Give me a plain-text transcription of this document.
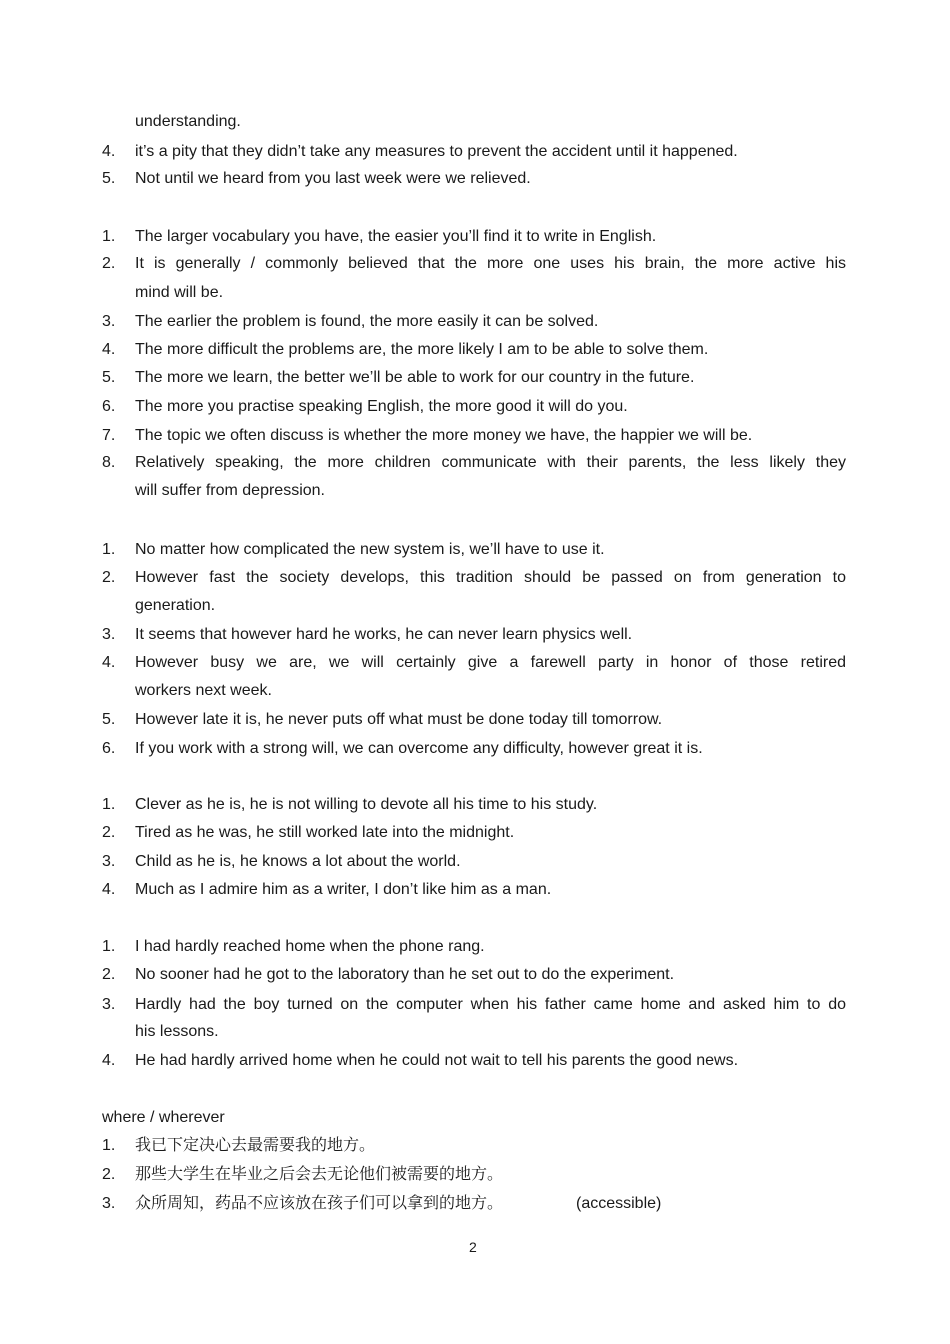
understanding.
4.	it’s a pity that they didn’t take any measures to prevent the accident until it happened.
5.	Not until we heard from you last week were we relieved.
1.	The larger vocabulary you have, the easier you’ll find it to write in English.
2.	It is generally / commonly believed that the more one uses his brain, the more active his
mind will be.
3.	The earlier the problem is found, the more easily it can be solved.
4.	The more difficult the problems are, the more likely I am to be able to solve them.
5.	The more we learn, the better we’ll be able to work for our country in the future.
6.	The more you practise speaking English, the more good it will do you.
7.	The topic we often discuss is whether the more money we have, the happier we will be.
8.	Relatively speaking, the more children communicate with their parents, the less likely they
will suffer from depression.
1.	No matter how complicated the new system is, we’ll have to use it.
2.	However fast the society develops, this tradition should be passed on from generation to
generation.
3.	It seems that however hard he works, he can never learn physics well.
4.	However busy we are, we will certainly give a farewell party in honor of those retired
workers next week.
5.	However late it is, he never puts off what must be done today till tomorrow.
6.	If you work with a strong will, we can overcome any difficulty, however great it is.
1.	Clever as he is, he is not willing to devote all his time to his study.
2.	Tired as he was, he still worked late into the midnight.
3.	Child as he is, he knows a lot about the world.
4.	Much as I admire him as a writer, I don’t like him as a man.
1.	I had hardly reached home when the phone rang.
2.	No sooner had he got to the laboratory than he set out to do the experiment.
3.	Hardly had the boy turned on the computer when his father came home and asked him to do
his lessons.
4.	He had hardly arrived home when he could not wait to tell his parents the good news.
where / wherever
1.	我已下定决心去最需要我的地方。
2.	那些大学生在毕业之后会去无论他们被需要的地方。
3.	众所周知，药品不应该放在孩子们可以拿到的地方。	(accessible)
2
